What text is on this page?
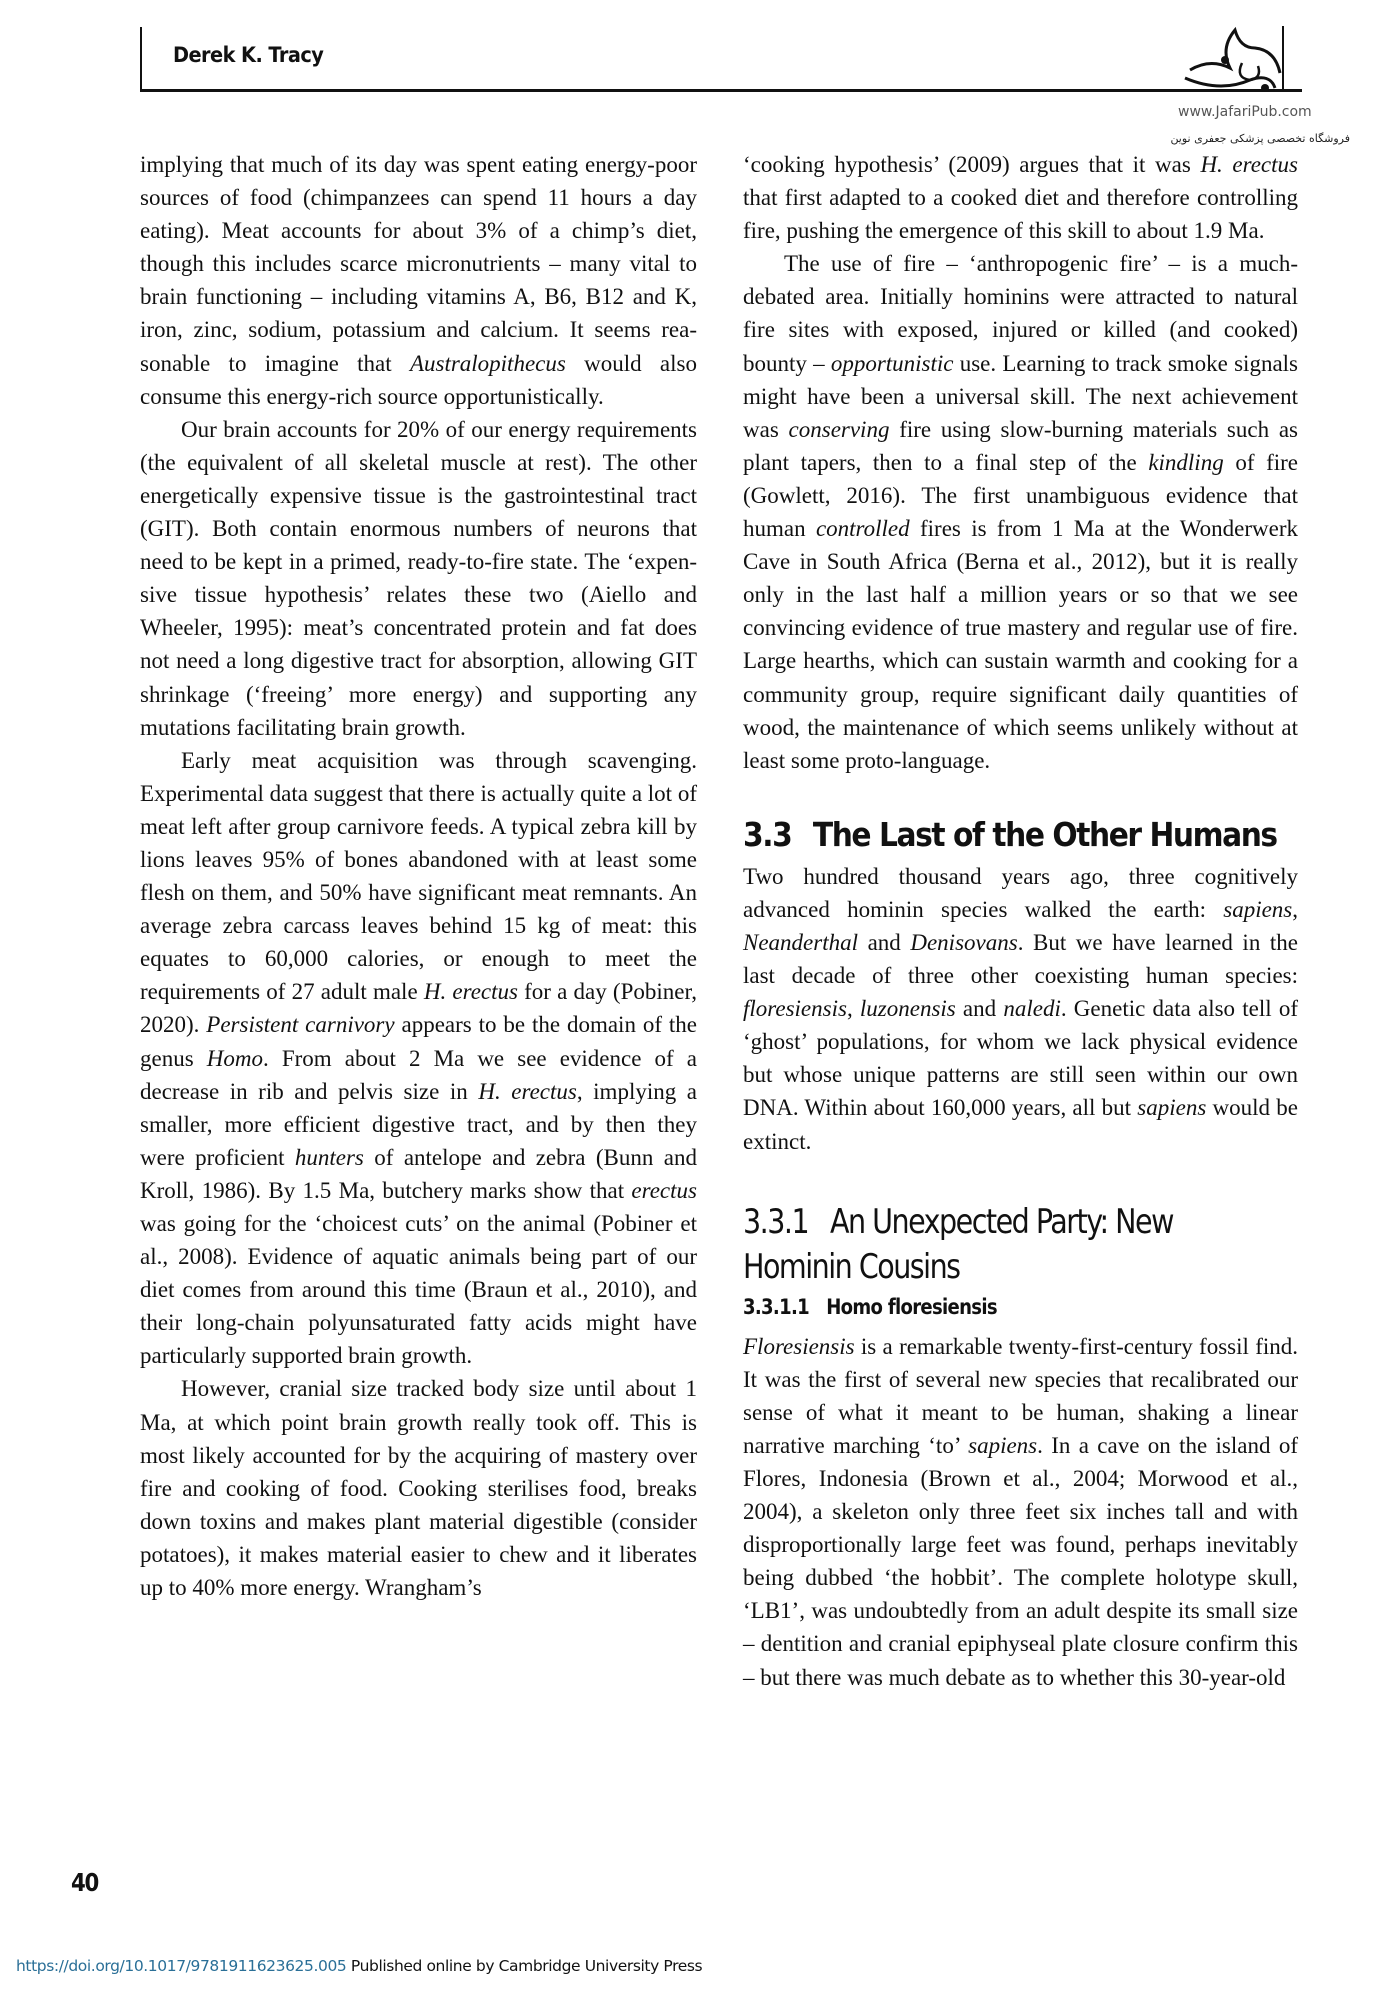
Derek K. Tracy
www.JafariPub.com
فروشگاه تخصصی پزشکی جعفری نوین

implying that much of its day was spent eating energy-poor sources of food (chimpanzees can spend 11 hours a day eating). Meat accounts for about 3% of a chimp’s diet, though this includes scarce micronutrients – many vital to brain functioning – including vitamins A, B6, B12 and K, iron, zinc, sodium, potassium and calcium. It seems reasonable to imagine that Australopithecus would also consume this energy-rich source opportunistically.

Our brain accounts for 20% of our energy requirements (the equivalent of all skeletal muscle at rest). The other energetically expensive tissue is the gastrointestinal tract (GIT). Both contain enormous numbers of neurons that need to be kept in a primed, ready-to-fire state. The ‘expensive tissue hypothesis’ relates these two (Aiello and Wheeler, 1995): meat’s concentrated protein and fat does not need a long digestive tract for absorption, allowing GIT shrinkage (‘freeing’ more energy) and supporting any mutations facilitating brain growth.

Early meat acquisition was through scavenging. Experimental data suggest that there is actually quite a lot of meat left after group carnivore feeds. A typical zebra kill by lions leaves 95% of bones abandoned with at least some flesh on them, and 50% have significant meat remnants. An average zebra carcass leaves behind 15 kg of meat: this equates to 60,000 calories, or enough to meet the requirements of 27 adult male H. erectus for a day (Pobiner, 2020). Persistent carnivory appears to be the domain of the genus Homo. From about 2 Ma we see evidence of a decrease in rib and pelvis size in H. erectus, implying a smaller, more efficient digestive tract, and by then they were proficient hunters of antelope and zebra (Bunn and Kroll, 1986). By 1.5 Ma, butchery marks show that erectus was going for the ‘choicest cuts’ on the animal (Pobiner et al., 2008). Evidence of aquatic animals being part of our diet comes from around this time (Braun et al., 2010), and their long-chain polyunsaturated fatty acids might have particularly supported brain growth.

However, cranial size tracked body size until about 1 Ma, at which point brain growth really took off. This is most likely accounted for by the acquiring of mastery over fire and cooking of food. Cooking sterilises food, breaks down toxins and makes plant material digestible (consider potatoes), it makes material easier to chew and it liberates up to 40% more energy. Wrangham’s

‘cooking hypothesis’ (2009) argues that it was H. erectus that first adapted to a cooked diet and therefore controlling fire, pushing the emergence of this skill to about 1.9 Ma.

The use of fire – ‘anthropogenic fire’ – is a much-debated area. Initially hominins were attracted to natural fire sites with exposed, injured or killed (and cooked) bounty – opportunistic use. Learning to track smoke signals might have been a universal skill. The next achievement was conserving fire using slow-burning materials such as plant tapers, then to a final step of the kindling of fire (Gowlett, 2016). The first unambiguous evidence that human controlled fires is from 1 Ma at the Wonderwerk Cave in South Africa (Berna et al., 2012), but it is really only in the last half a million years or so that we see convincing evidence of true mastery and regular use of fire. Large hearths, which can sustain warmth and cooking for a community group, require significant daily quantities of wood, the maintenance of which seems unlikely without at least some proto-language.

3.3 The Last of the Other Humans

Two hundred thousand years ago, three cognitively advanced hominin species walked the earth: sapiens, Neanderthal and Denisovans. But we have learned in the last decade of three other coexisting human species: floresiensis, luzonensis and naledi. Genetic data also tell of ‘ghost’ populations, for whom we lack physical evidence but whose unique patterns are still seen within our own DNA. Within about 160,000 years, all but sapiens would be extinct.

3.3.1 An Unexpected Party: New
Hominin Cousins
3.3.1.1 Homo floresiensis

Floresiensis is a remarkable twenty-first-century fossil find. It was the first of several new species that recalibrated our sense of what it meant to be human, shaking a linear narrative marching ‘to’ sapiens. In a cave on the island of Flores, Indonesia (Brown et al., 2004; Morwood et al., 2004), a skeleton only three feet six inches tall and with disproportionally large feet was found, perhaps inevitably being dubbed ‘the hobbit’. The complete holotype skull, ‘LB1’, was undoubtedly from an adult despite its small size – dentition and cranial epiphyseal plate closure confirm this – but there was much debate as to whether this 30-year-old

40
https://doi.org/10.1017/9781911623625.005 Published online by Cambridge University Press
